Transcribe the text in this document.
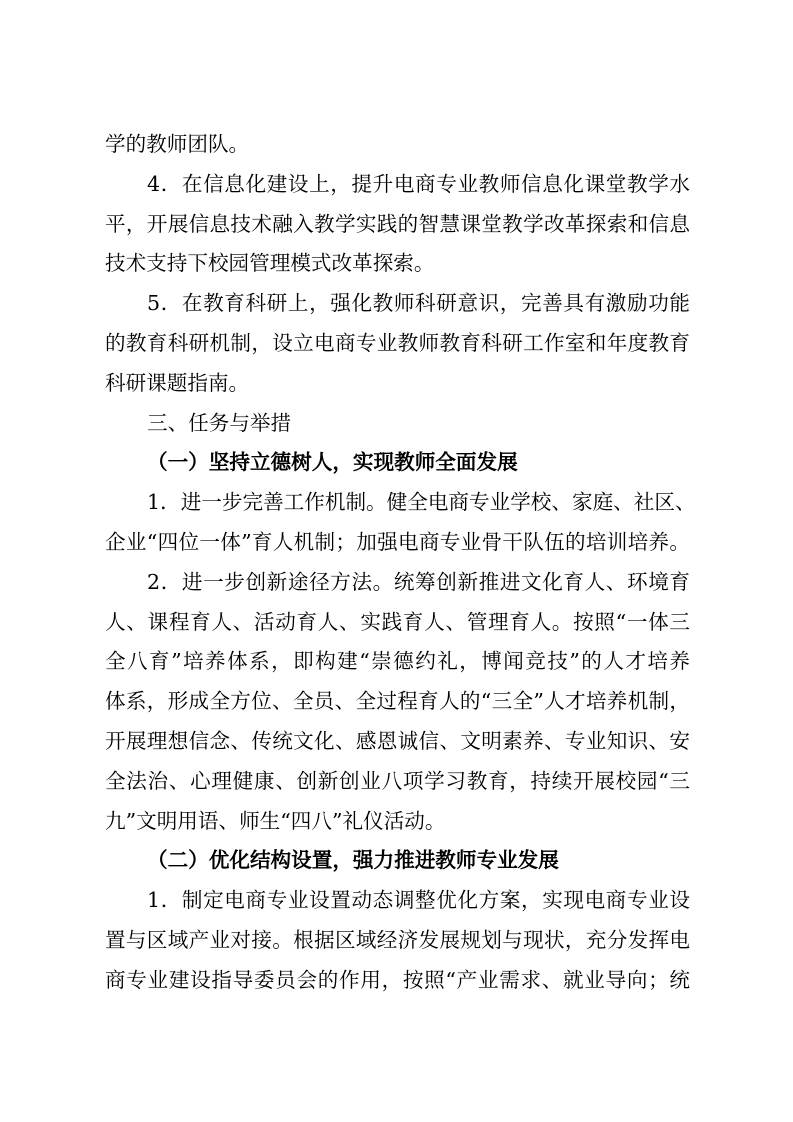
学的教师团队。
4．在信息化建设上，提升电商专业教师信息化课堂教学水
平，开展信息技术融入教学实践的智慧课堂教学改革探索和信息
技术支持下校园管理模式改革探索。
5．在教育科研上，强化教师科研意识，完善具有激励功能
的教育科研机制，设立电商专业教师教育科研工作室和年度教育
科研课题指南。
三、任务与举措
（一）坚持立德树人，实现教师全面发展
1．进一步完善工作机制。健全电商专业学校、家庭、社区、
企业“四位一体”育人机制；加强电商专业骨干队伍的培训培养。
2．进一步创新途径方法。统筹创新推进文化育人、环境育
人、课程育人、活动育人、实践育人、管理育人。按照“一体三
全八育”培养体系，即构建“崇德约礼，博闻竞技”的人才培养
体系，形成全方位、全员、全过程育人的“三全”人才培养机制，
开展理想信念、传统文化、感恩诚信、文明素养、专业知识、安
全法治、心理健康、创新创业八项学习教育，持续开展校园“三
九”文明用语、师生“四八”礼仪活动。
（二）优化结构设置，强力推进教师专业发展
1．制定电商专业设置动态调整优化方案，实现电商专业设
置与区域产业对接。根据区域经济发展规划与现状，充分发挥电
商专业建设指导委员会的作用，按照“产业需求、就业导向；统
